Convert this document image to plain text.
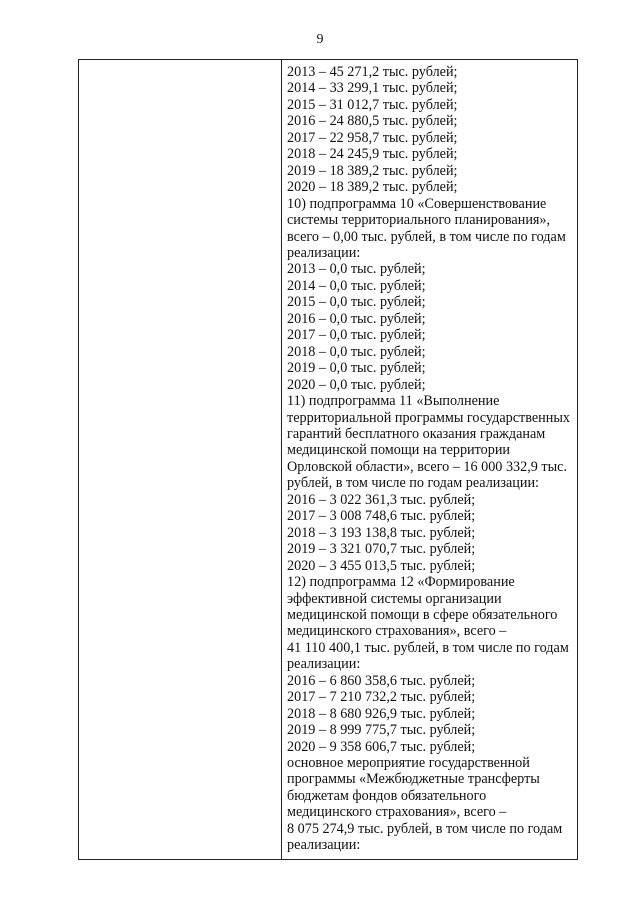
9
2013 – 45 271,2 тыс. рублей;
2014 – 33 299,1 тыс. рублей;
2015 – 31 012,7 тыс. рублей;
2016 – 24 880,5 тыс. рублей;
2017 – 22 958,7 тыс. рублей;
2018 – 24 245,9 тыс. рублей;
2019 – 18 389,2 тыс. рублей;
2020 – 18 389,2 тыс. рублей;
10) подпрограмма 10 «Совершенствование
системы территориального планирования»,
всего – 0,00 тыс. рублей, в том числе по годам
реализации:
2013 – 0,0 тыс. рублей;
2014 – 0,0 тыс. рублей;
2015 – 0,0 тыс. рублей;
2016 – 0,0 тыс. рублей;
2017 – 0,0 тыс. рублей;
2018 – 0,0 тыс. рублей;
2019 – 0,0 тыс. рублей;
2020 – 0,0 тыс. рублей;
11) подпрограмма 11 «Выполнение
территориальной программы государственных
гарантий бесплатного оказания гражданам
медицинской помощи на территории
Орловской области», всего – 16 000 332,9 тыс.
рублей, в том числе по годам реализации:
2016 – 3 022 361,3 тыс. рублей;
2017 – 3 008 748,6 тыс. рублей;
2018 – 3 193 138,8 тыс. рублей;
2019 – 3 321 070,7 тыс. рублей;
2020 – 3 455 013,5 тыс. рублей;
12) подпрограмма 12 «Формирование
эффективной системы организации
медицинской помощи в сфере обязательного
медицинского страхования», всего –
41 110 400,1 тыс. рублей, в том числе по годам
реализации:
2016 – 6 860 358,6 тыс. рублей;
2017 – 7 210 732,2 тыс. рублей;
2018 – 8 680 926,9 тыс. рублей;
2019 – 8 999 775,7 тыс. рублей;
2020 – 9 358 606,7 тыс. рублей;
основное мероприятие государственной
программы «Межбюджетные трансферты
бюджетам фондов обязательного
медицинского страхования», всего –
8 075 274,9 тыс. рублей, в том числе по годам
реализации:
